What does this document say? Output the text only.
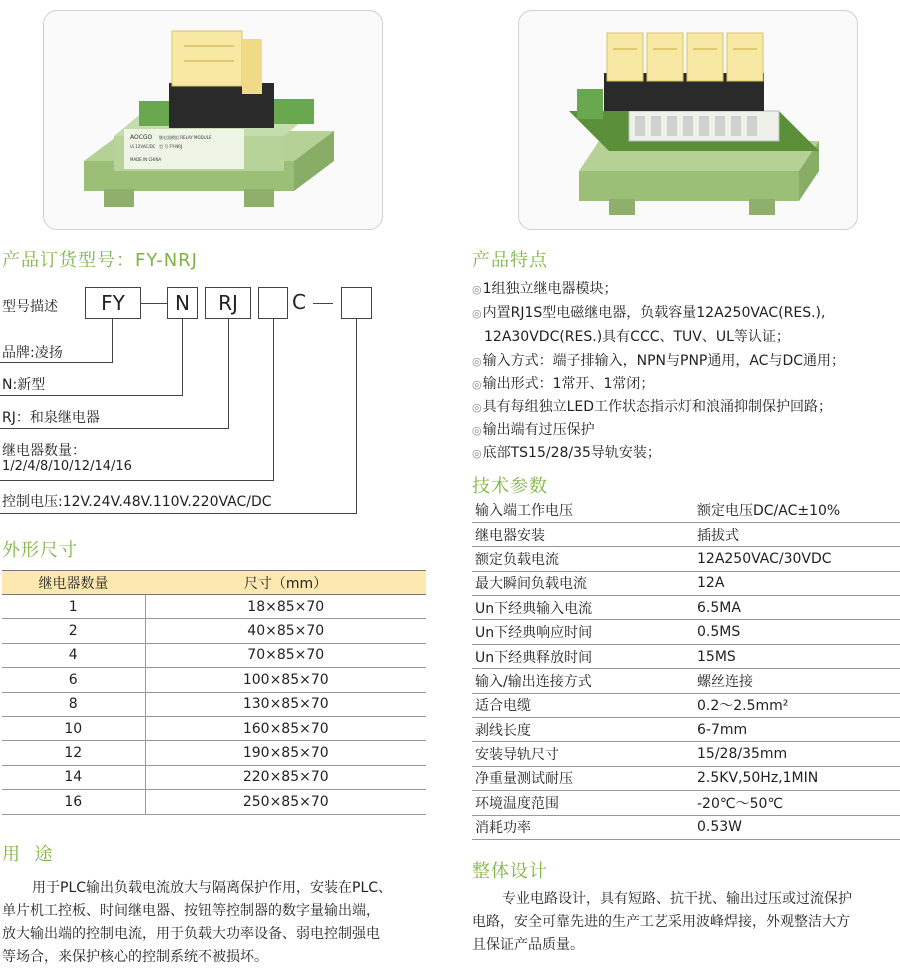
AOCGO 继电器模组 RELAY MODULE
Ui 12VAC/DC 型 号 FY-NRJ
MADE IN CHINA
产品订货型号：FY-NRJ
型号描述	FY	N	RJ	C
品牌:凌扬
N:新型
RJ：和泉继电器
继电器数量：
1/2/4/8/10/12/14/16
控制电压:12V.24V.48V.110V.220VAC/DC
外形尺寸
继电器数量	尺寸（mm）
1	18×85×70
2	40×85×70
4	70×85×70
6	100×85×70
8	130×85×70
10	160×85×70
12	190×85×70
14	220×85×70
16	250×85×70
用  途
用于PLC输出负载电流放大与隔离保护作用，安装在PLC、
单片机工控板、时间继电器、按钮等控制器的数字量输出端，
放大输出端的控制电流，用于负载大功率设备、弱电控制强电
等场合，来保护核心的控制系统不被损坏。
产品特点
◎1组独立继电器模块；
◎内置RJ1S型电磁继电器，负载容量12A250VAC(RES.),
12A30VDC(RES.)具有CCC、TUV、UL等认证；
◎输入方式：端子排输入，NPN与PNP通用，AC与DC通用；
◎输出形式：1常开、1常闭；
◎具有每组独立LED工作状态指示灯和浪涌抑制保护回路；
◎输出端有过压保护
◎底部TS15/28/35导轨安装；
技术参数
输入端工作电压	额定电压DC/AC±10%
继电器安装	插拔式
额定负载电流	12A250VAC/30VDC
最大瞬间负载电流	12A
Un下经典输入电流	6.5MA
Un下经典响应时间	0.5MS
Un下经典释放时间	15MS
输入/输出连接方式	螺丝连接
适合电缆	0.2～2.5mm²
剥线长度	6-7mm
安装导轨尺寸	15/28/35mm
净重量测试耐压	2.5KV,50Hz,1MIN
环境温度范围	-20℃～50℃
消耗功率	0.53W
整体设计
专业电路设计，具有短路、抗干扰、输出过压或过流保护
电路，安全可靠先进的生产工艺采用波峰焊接，外观整洁大方
且保证产品质量。
